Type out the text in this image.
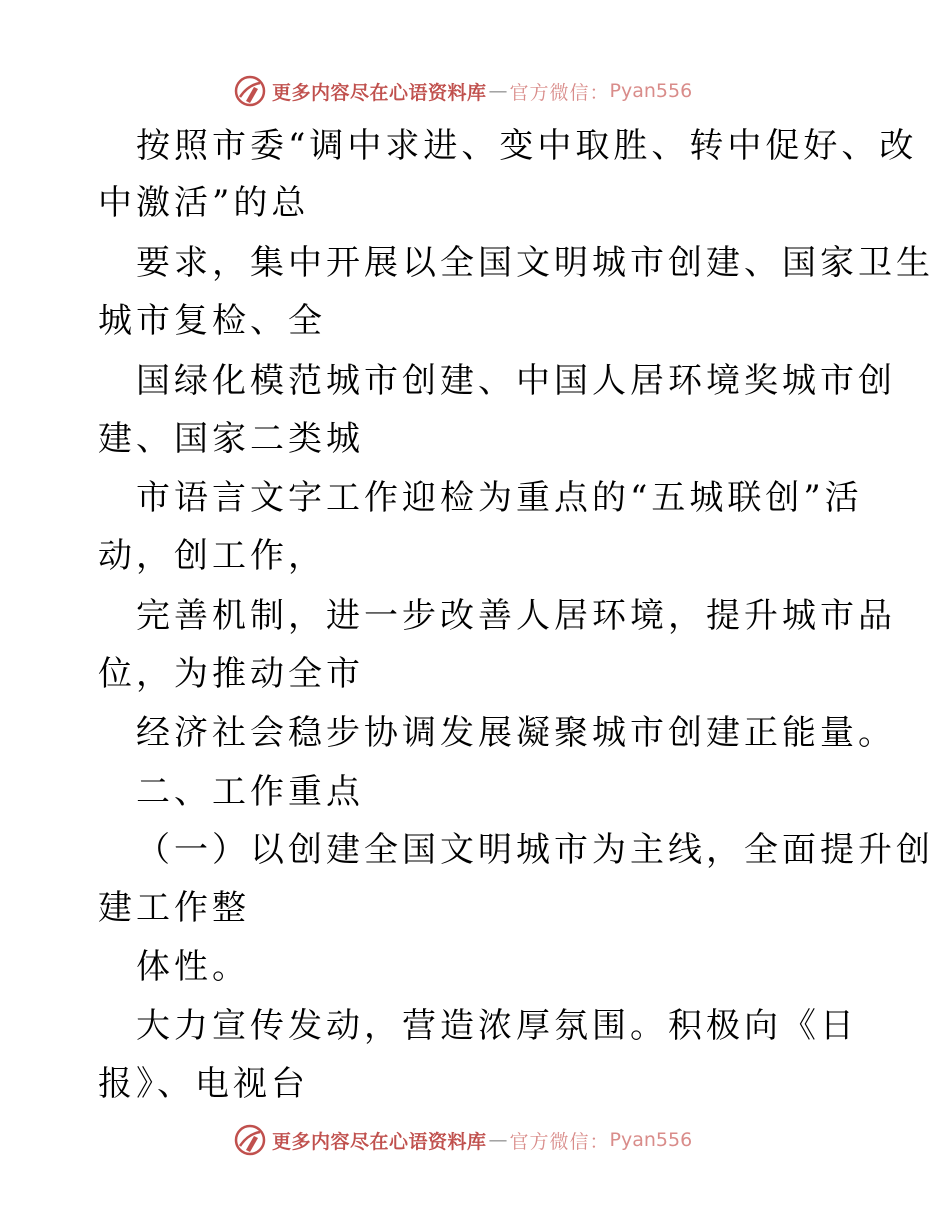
更多内容尽在心语资料库 — 官方微信： Pyan556
按照市委“调中求进、变中取胜、转中促好、改
中激活”的总
要求，集中开展以全国文明城市创建、国家卫生
城市复检、全
国绿化模范城市创建、中国人居环境奖城市创
建、国家二类城
市语言文字工作迎检为重点的“五城联创”活
动，创工作，
完善机制，进一步改善人居环境，提升城市品
位，为推动全市
经济社会稳步协调发展凝聚城市创建正能量。
二、工作重点
（一）以创建全国文明城市为主线，全面提升创
建工作整
体性。
大力宣传发动，营造浓厚氛围。积极向《日
报》、电视台
更多内容尽在心语资料库 — 官方微信： Pyan556
